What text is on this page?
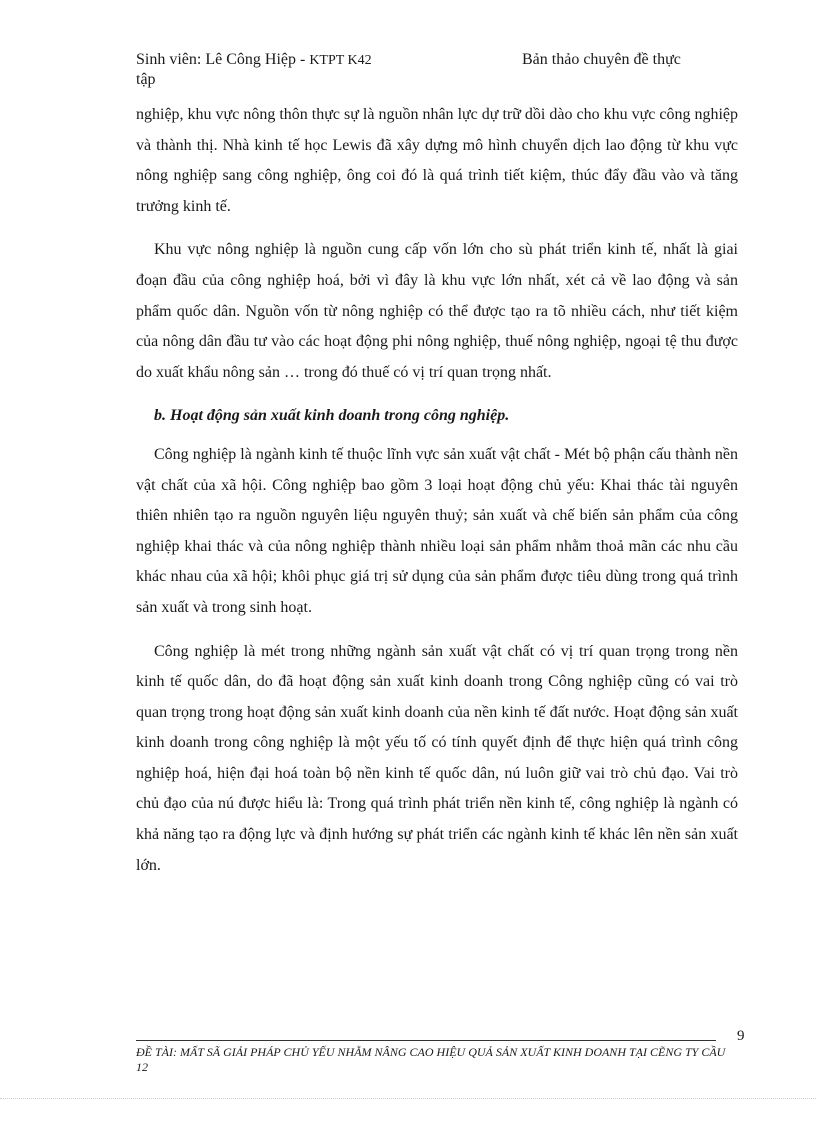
Sinh viên: Lê Công Hiệp - KTPT K42	Bản thảo chuyên đề thực
tập

nghiệp, khu vực nông thôn thực sự là nguồn nhân lực dự trữ dồi dào cho khu vực công nghiệp và thành thị. Nhà kinh tế học Lewis đã xây dựng mô hình chuyển dịch lao động từ khu vực nông nghiệp sang công nghiệp, ông coi đó là quá trình tiết kiệm, thúc đẩy đầu vào và tăng trưởng kinh tế.

Khu vực nông nghiệp là nguồn cung cấp vốn lớn cho sù phát triển kinh tế, nhất là giai đoạn đầu của công nghiệp hoá, bởi vì đây là khu vực lớn nhất, xét cả về lao động và sản phẩm quốc dân. Nguồn vốn từ nông nghiệp có thể được tạo ra tõ nhiều cách, như tiết kiệm của nông dân đầu tư vào các hoạt động phi nông nghiệp, thuế nông nghiệp, ngoại tệ thu được do xuất khẩu nông sản … trong đó thuế có vị trí quan trọng nhất.

b. Hoạt động sản xuất kinh doanh trong công nghiệp.

Công nghiệp là ngành kinh tế thuộc lĩnh vực sản xuất vật chất - Mét bộ phận cấu thành nền vật chất của xã hội. Công nghiệp bao gồm 3 loại hoạt động chủ yếu: Khai thác tài nguyên thiên nhiên tạo ra nguồn nguyên liệu nguyên thuỷ; sản xuất và chế biến sản phẩm của công nghiệp khai thác và của nông nghiệp thành nhiều loại sản phẩm nhằm thoả mãn các nhu cầu khác nhau của xã hội; khôi phục giá trị sử dụng của sản phẩm được tiêu dùng trong quá trình sản xuất và trong sinh hoạt.

Công nghiệp là mét trong những ngành sản xuất vật chất có vị trí quan trọng trong nền kinh tế quốc dân, do đã hoạt động sản xuất kinh doanh trong Công nghiệp cũng có vai trò quan trọng trong hoạt động sản xuất kinh doanh của nền kinh tế đất nước. Hoạt động sản xuất kinh doanh trong công nghiệp là một yếu tố có tính quyết định để thực hiện quá trình công nghiệp hoá, hiện đại hoá toàn bộ nền kinh tế quốc dân, nú luôn giữ vai trò chủ đạo. Vai trò chủ đạo của nú được hiểu là: Trong quá trình phát triển nền kinh tế, công nghiệp là ngành có khả năng tạo ra động lực và định hướng sự phát triển các ngành kinh tế khác lên nền sản xuất lớn.

9
ĐỀ TÀI: MẤT SÃ GIẢI PHÁP CHỦ YẾU NHẰM NÂNG CAO HIỆU QUẢ SẢN XUẤT KINH DOANH TẠI CẼNG TY CẦU 12
